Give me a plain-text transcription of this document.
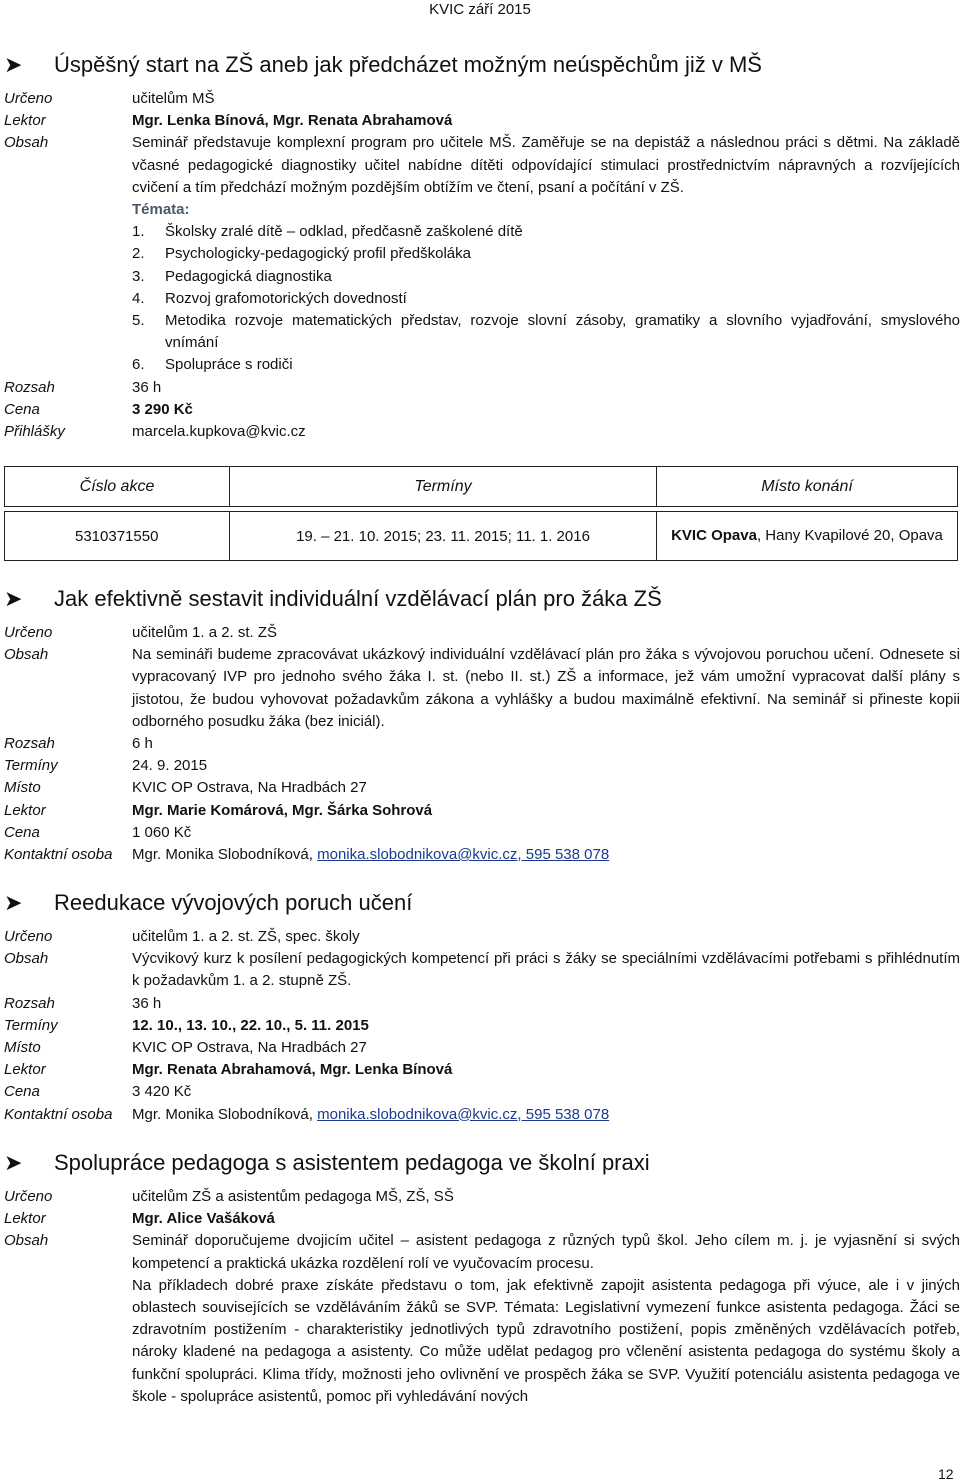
KVIC září 2015
➤ Úspěšný start na ZŠ aneb jak předcházet možným neúspěchům již v MŠ
Určeno	učitelům MŠ
Lektor	Mgr. Lenka Bínová, Mgr. Renata Abrahamová
Obsah	Seminář představuje komplexní program pro učitele MŠ. Zaměřuje se na depistáž a následnou práci s dětmi. Na základě včasné pedagogické diagnostiky učitel nabídne dítěti odpovídající stimulaci prostřednictvím nápravných a rozvíjejících cvičení a tím předchází možným pozdějším obtížím ve čtení, psaní a počítání v ZŠ.
Témata:
1. Školsky zralé dítě – odklad, předčasně zaškolené dítě
2. Psychologicky-pedagogický profil předškoláka
3. Pedagogická diagnostika
4. Rozvoj grafomotorických dovedností
5. Metodika rozvoje matematických představ, rozvoje slovní zásoby, gramatiky a slovního vyjadřování, smyslového vnímání
6. Spolupráce s rodiči
Rozsah	36 h
Cena	3 290 Kč
Přihlášky	marcela.kupkova@kvic.cz
Číslo akce	Termíny	Místo konání

5310371550	19. – 21. 10. 2015; 23. 11. 2015; 11. 1. 2016	KVIC Opava, Hany Kvapilové 20, Opava
➤ Jak efektivně sestavit individuální vzdělávací plán pro žáka ZŠ
Určeno	učitelům 1. a 2. st. ZŠ
Obsah	Na semináři budeme zpracovávat ukázkový individuální vzdělávací plán pro žáka s vývojovou poruchou učení. Odnesete si vypracovaný IVP pro jednoho svého žáka I. st. (nebo II. st.) ZŠ a informace, jež vám umožní vypracovat další plány s jistotou, že budou vyhovovat požadavkům zákona a vyhlášky a budou maximálně efektivní. Na seminář si přineste kopii odborného posudku žáka (bez iniciál).
Rozsah	6 h
Termíny	24. 9. 2015
Místo	KVIC OP Ostrava, Na Hradbách 27
Lektor	Mgr. Marie Komárová, Mgr. Šárka Sohrová
Cena	1 060 Kč
Kontaktní osoba Mgr. Monika Slobodníková, monika.slobodnikova@kvic.cz, 595 538 078
➤ Reedukace vývojových poruch učení
Určeno	učitelům 1. a 2. st. ZŠ, spec. školy
Obsah	Výcvikový kurz k posílení pedagogických kompetencí při práci s žáky se speciálními vzdělávacími potřebami s přihlédnutím k požadavkům 1. a 2. stupně ZŠ.
Rozsah	36 h
Termíny	12. 10., 13. 10., 22. 10., 5. 11. 2015
Místo	KVIC OP Ostrava, Na Hradbách 27
Lektor	Mgr. Renata Abrahamová, Mgr. Lenka Bínová
Cena	3 420 Kč
Kontaktní osoba Mgr. Monika Slobodníková, monika.slobodnikova@kvic.cz, 595 538 078
➤ Spolupráce pedagoga s asistentem pedagoga ve školní praxi
Určeno	učitelům ZŠ a asistentům pedagoga MŠ, ZŠ, SŠ
Lektor	Mgr. Alice Vašáková
Obsah	Seminář doporučujeme dvojicím učitel – asistent pedagoga z různých typů škol. Jeho cílem m. j. je vyjasnění si svých kompetencí a praktická ukázka rozdělení rolí ve vyučovacím procesu.
Na příkladech dobré praxe získáte představu o tom, jak efektivně zapojit asistenta pedagoga při výuce, ale i v jiných oblastech souvisejících se vzděláváním žáků se SVP. Témata: Legislativní vymezení funkce asistenta pedagoga. Žáci se zdravotním postižením - charakteristiky jednotlivých typů zdravotního postižení, popis změněných vzdělávacích potřeb, nároky kladené na pedagoga a asistenty. Co může udělat pedagog pro včlenění asistenta pedagoga do systému školy a funkční spolupráci. Klima třídy, možnosti jeho ovlivnění ve prospěch žáka se SVP. Využití potenciálu asistenta pedagoga ve škole - spolupráce asistentů, pomoc při vyhledávání nových
12
